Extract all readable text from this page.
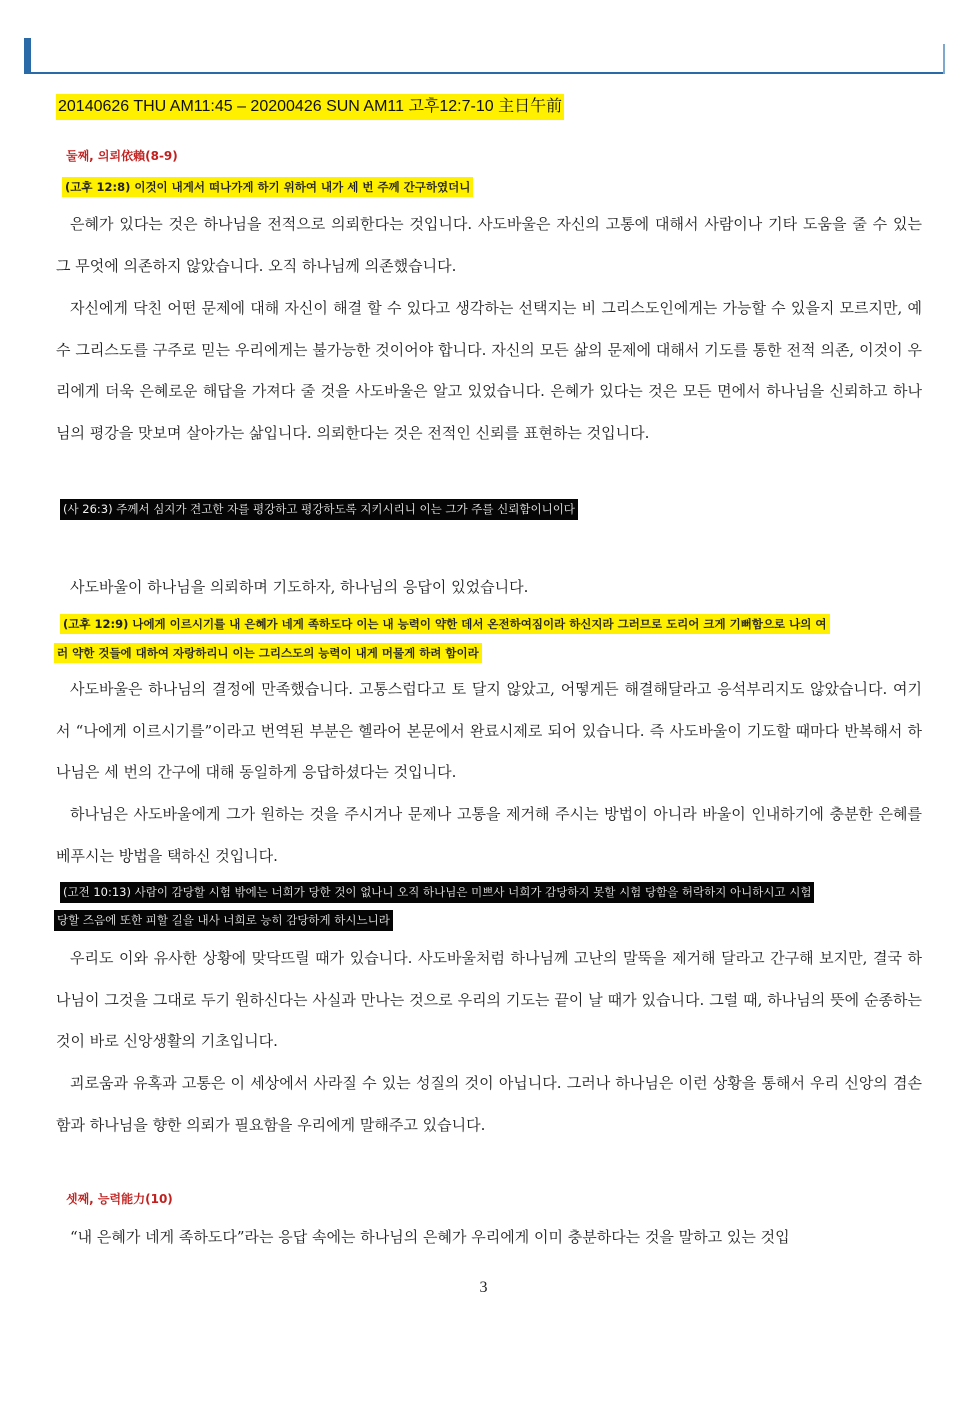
20140626 THU AM11:45 – 20200426 SUN AM11 고후12:7-10 主日午前
둘째, 의뢰依賴(8-9)
(고후 12:8) 이것이 내게서 떠나가게 하기 위하여 내가 세 번 주께 간구하였더니

은혜가 있다는 것은 하나님을 전적으로 의뢰한다는 것입니다. 사도바울은 자신의 고통에 대해서 사람이나 기타 도움을 줄 수 있는 그 무엇에 의존하지 않았습니다. 오직 하나님께 의존했습니다.

자신에게 닥친 어떤 문제에 대해 자신이 해결 할 수 있다고 생각하는 선택지는 비 그리스도인에게는 가능할 수 있을지 모르지만, 예수 그리스도를 구주로 믿는 우리에게는 불가능한 것이어야 합니다. 자신의 모든 삶의 문제에 대해서 기도를 통한 전적 의존, 이것이 우리에게 더욱 은혜로운 해답을 가져다 줄 것을 사도바울은 알고 있었습니다. 은혜가 있다는 것은 모든 면에서 하나님을 신뢰하고 하나님의 평강을 맛보며 살아가는 삶입니다. 의뢰한다는 것은 전적인 신뢰를 표현하는 것입니다.

(사 26:3) 주께서 심지가 견고한 자를 평강하고 평강하도록 지키시리니 이는 그가 주를 신뢰함이니이다

사도바울이 하나님을 의뢰하며 기도하자, 하나님의 응답이 있었습니다.

(고후 12:9) 나에게 이르시기를 내 은혜가 네게 족하도다 이는 내 능력이 약한 데서 온전하여짐이라 하신지라 그러므로 도리어 크게 기뻐함으로 나의 여
러 약한 것들에 대하여 자랑하리니 이는 그리스도의 능력이 내게 머물게 하려 함이라

사도바울은 하나님의 결정에 만족했습니다. 고통스럽다고 토 달지 않았고, 어떻게든 해결해달라고 응석부리지도 않았습니다. 여기서 “나에게 이르시기를”이라고 번역된 부분은 헬라어 본문에서 완료시제로 되어 있습니다. 즉 사도바울이 기도할 때마다 반복해서 하나님은 세 번의 간구에 대해 동일하게 응답하셨다는 것입니다.

하나님은 사도바울에게 그가 원하는 것을 주시거나 문제나 고통을 제거해 주시는 방법이 아니라 바울이 인내하기에 충분한 은혜를 베푸시는 방법을 택하신 것입니다.

(고전 10:13) 사람이 감당할 시험 밖에는 너희가 당한 것이 없나니 오직 하나님은 미쁘사 너희가 감당하지 못할 시험 당함을 허락하지 아니하시고 시험
당할 즈음에 또한 피할 길을 내사 너희로 능히 감당하게 하시느니라

우리도 이와 유사한 상황에 맞닥뜨릴 때가 있습니다. 사도바울처럼 하나님께 고난의 말뚝을 제거해 달라고 간구해 보지만, 결국 하나님이 그것을 그대로 두기 원하신다는 사실과 만나는 것으로 우리의 기도는 끝이 날 때가 있습니다. 그럴 때, 하나님의 뜻에 순종하는 것이 바로 신앙생활의 기초입니다.

괴로움과 유혹과 고통은 이 세상에서 사라질 수 있는 성질의 것이 아닙니다. 그러나 하나님은 이런 상황을 통해서 우리 신앙의 겸손함과 하나님을 향한 의뢰가 필요함을 우리에게 말해주고 있습니다.

셋째, 능력能力(10)

“내 은혜가 네게 족하도다”라는 응답 속에는 하나님의 은혜가 우리에게 이미 충분하다는 것을 말하고 있는 것입

3
